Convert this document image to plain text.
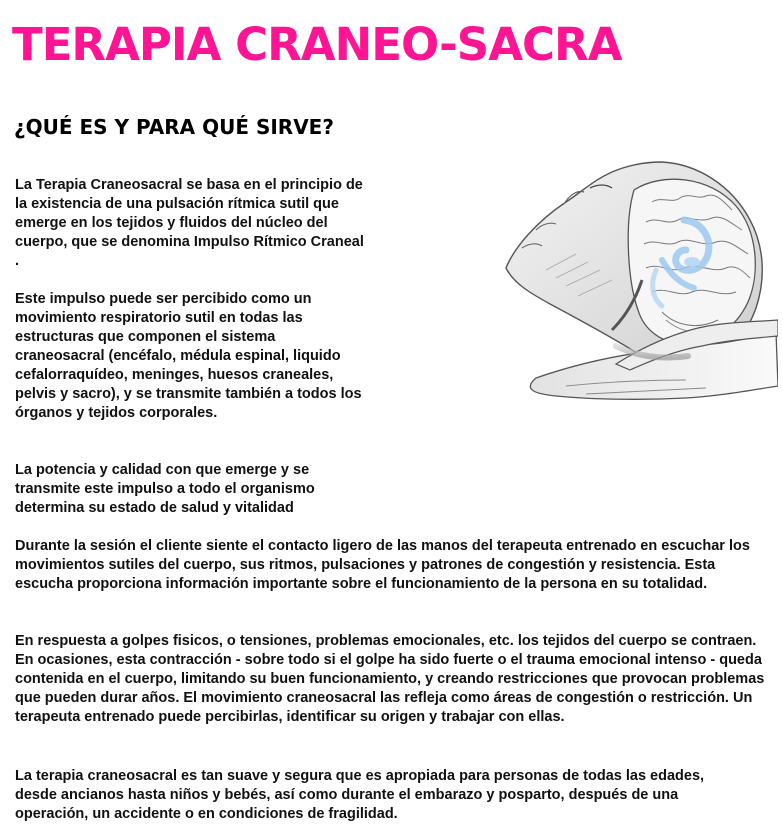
TERAPIA CRANEO-SACRA
¿QUÉ ES Y PARA QUÉ SIRVE?

La Terapia Craneosacral se basa en el principio de la existencia de una pulsación rítmica sutil que emerge en los tejidos y fluidos del núcleo del cuerpo, que se denomina Impulso Rítmico Craneal .

Este impulso puede ser percibido como un movimiento respiratorio sutil en todas las estructuras que componen el sistema craneosacral (encéfalo, médula espinal, liquido cefalorraquídeo, meninges, huesos craneales, pelvis y sacro), y se transmite también a todos los órganos y tejidos corporales.

La potencia y calidad con que emerge y se transmite este impulso a todo el organismo determina su estado de salud y vitalidad

Durante la sesión el cliente siente el contacto ligero de las manos del terapeuta entrenado en escuchar los movimientos sutiles del cuerpo, sus ritmos, pulsaciones y patrones de congestión y resistencia. Esta escucha proporciona información importante sobre el funcionamiento de la persona en su totalidad.

En respuesta a golpes fisicos, o tensiones, problemas emocionales, etc. los tejidos del cuerpo se contraen. En ocasiones, esta contracción - sobre todo si el golpe ha sido fuerte o el trauma emocional intenso - queda contenida en el cuerpo, limitando su buen funcionamiento, y creando restricciones que provocan problemas que pueden durar años. El movimiento craneosacral las refleja como áreas de congestión o restricción. Un terapeuta entrenado puede percibirlas, identificar su origen y trabajar con ellas.

La terapia craneosacral es tan suave y segura que es apropiada para personas de todas las edades, desde ancianos hasta niños y bebés, así como durante el embarazo y posparto, después de una operación, un accidente o en condiciones de fragilidad.
